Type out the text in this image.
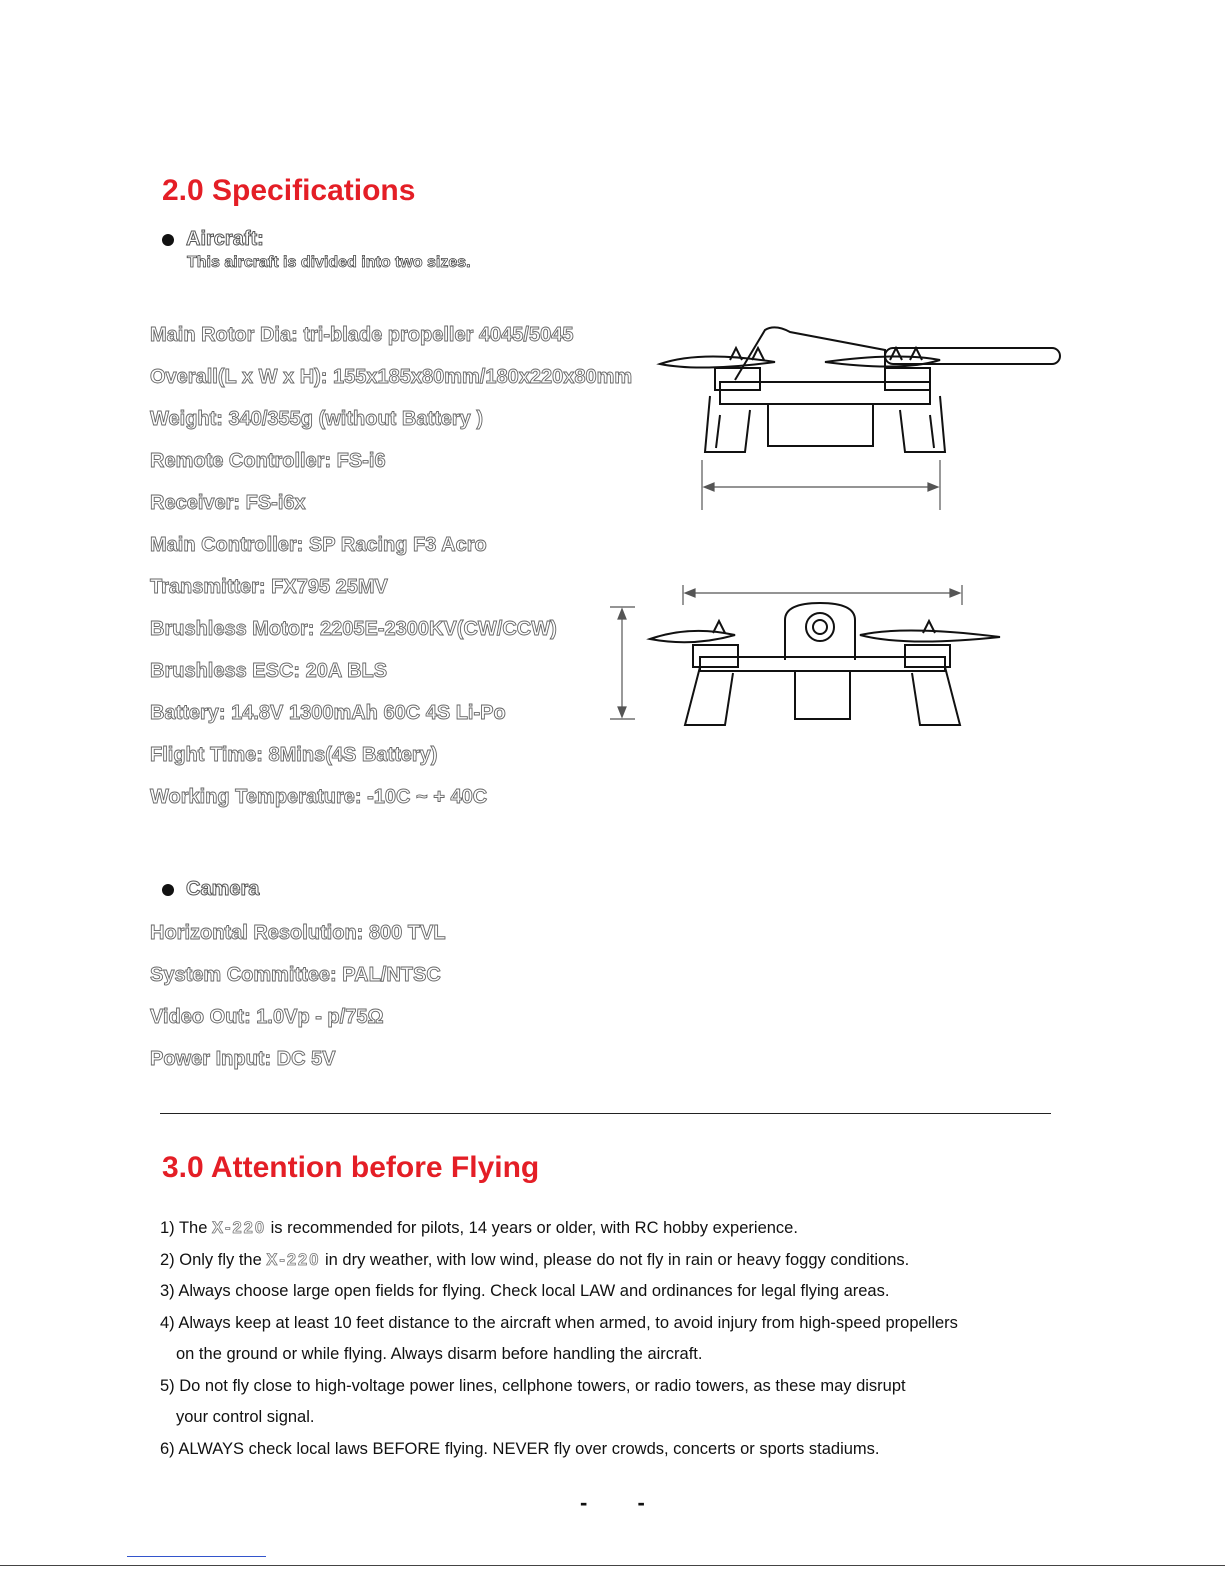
2.0 Specifications
Aircraft:
This aircraft is divided into two sizes.
Main Rotor Dia: tri-blade propeller 4045/5045
Overall(L x W x H): 155x185x80mm/180x220x80mm
Weight: 340/355g (without Battery )
Remote Controller: FS-i6
Receiver: FS-i6x
Main Controller: SP Racing F3 Acro
Transmitter: FX795 25MV
Brushless Motor: 2205E-2300KV(CW/CCW)
Brushless ESC: 20A BLS
Battery: 14.8V 1300mAh 60C 4S Li-Po
Flight Time: 8Mins(4S Battery)
Working Temperature: -10C ~ + 40C
Camera
Horizontal Resolution: 800 TVL
System Committee: PAL/NTSC
Video Out: 1.0Vp - p/75Ω
Power Input: DC 5V
3.0 Attention before Flying
1) The X-220 is recommended for pilots, 14 years or older, with RC hobby experience.
2) Only fly the X-220 in dry weather, with low wind, please do not fly in rain or heavy foggy conditions.
3) Always choose large open fields for flying. Check local LAW and ordinances for legal flying areas.
4) Always keep at least 10 feet distance to the aircraft when armed, to avoid injury from high-speed propellers
on the ground or while flying. Always disarm before handling the aircraft.
5) Do not fly close to high-voltage power lines, cellphone towers, or radio towers, as these may disrupt
your control signal.
6) ALWAYS check local laws BEFORE flying. NEVER fly over crowds, concerts or sports stadiums.
- -
